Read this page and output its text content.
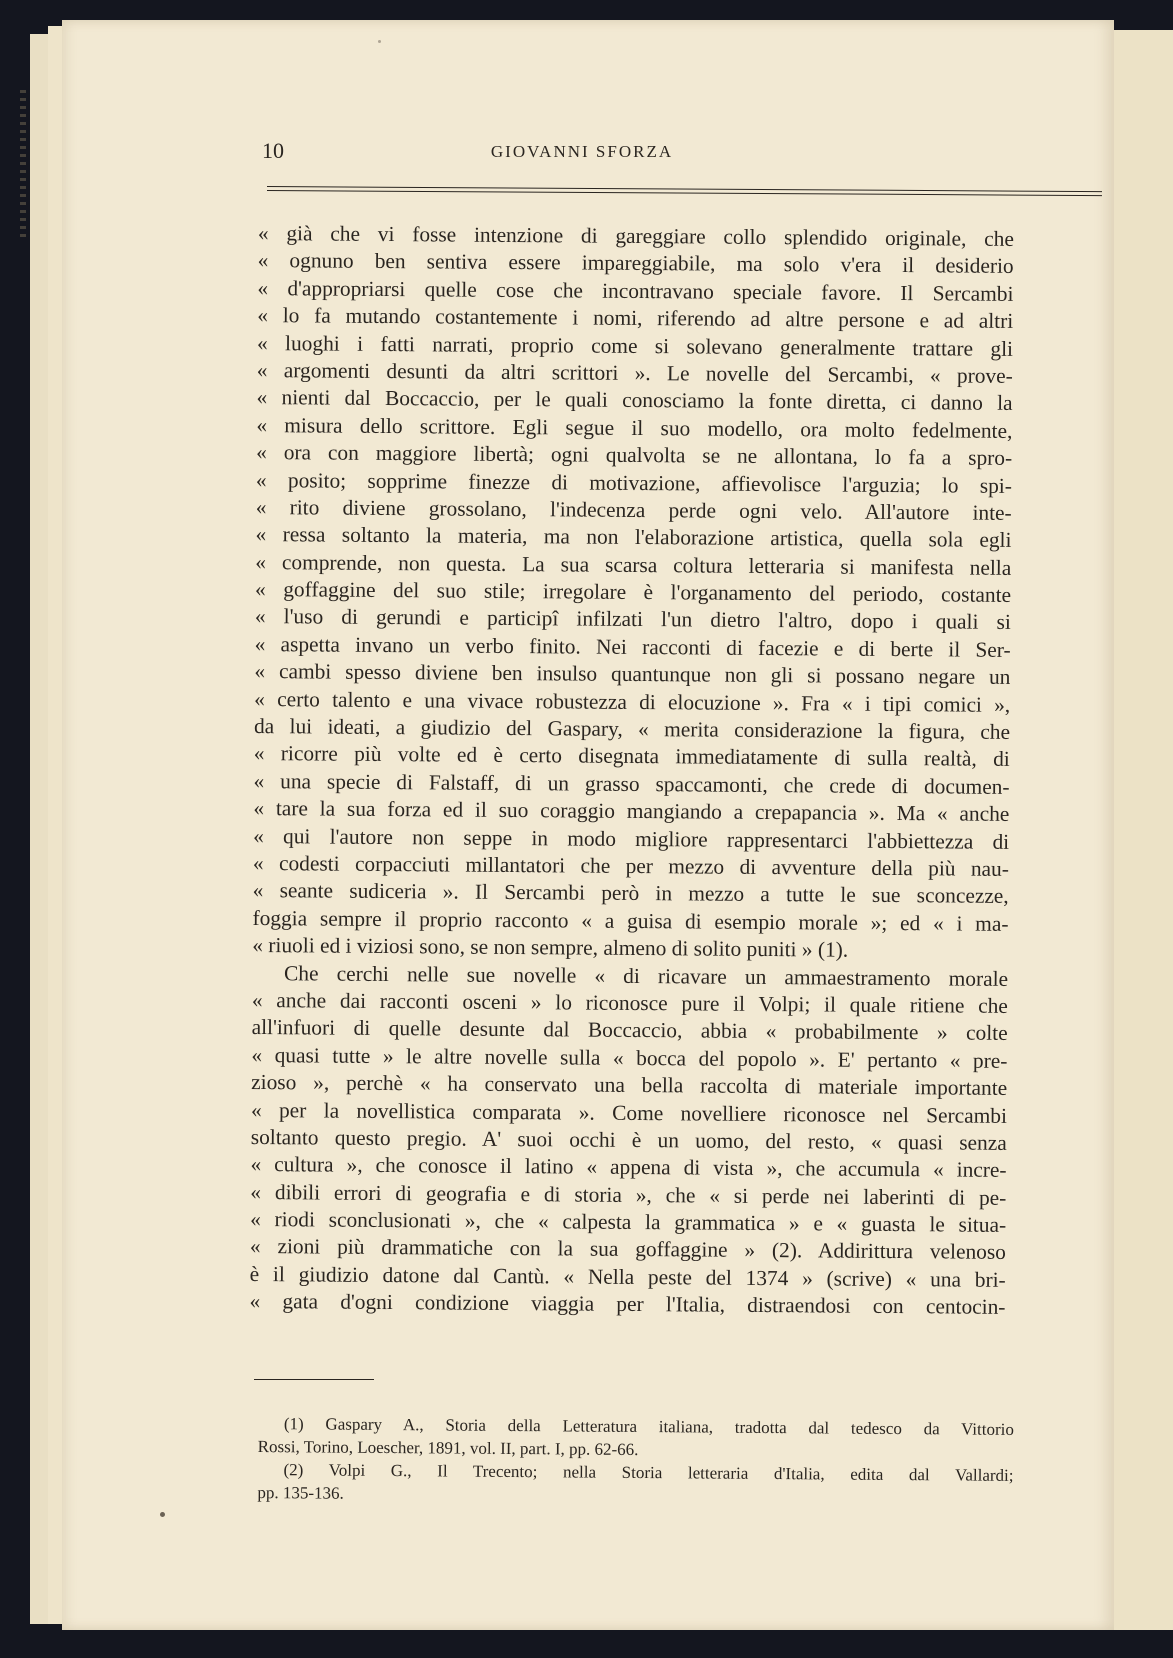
10	GIOVANNI SFORZA
« già che vi fosse intenzione di gareggiare collo splendido originale, che
« ognuno ben sentiva essere impareggiabile, ma solo v'era il desiderio
« d'appropriarsi quelle cose che incontravano speciale favore. Il Sercambi
« lo fa mutando costantemente i nomi, riferendo ad altre persone e ad altri
« luoghi i fatti narrati, proprio come si solevano generalmente trattare gli
« argomenti desunti da altri scrittori ». Le novelle del Sercambi, « prove-
« nienti dal Boccaccio, per le quali conosciamo la fonte diretta, ci danno la
« misura dello scrittore. Egli segue il suo modello, ora molto fedelmente,
« ora con maggiore libertà; ogni qualvolta se ne allontana, lo fa a spro-
« posito; sopprime finezze di motivazione, affievolisce l'arguzia; lo spi-
« rito diviene grossolano, l'indecenza perde ogni velo. All'autore inte-
« ressa soltanto la materia, ma non l'elaborazione artistica, quella sola egli
« comprende, non questa. La sua scarsa coltura letteraria si manifesta nella
« goffaggine del suo stile; irregolare è l'organamento del periodo, costante
« l'uso di gerundi e participî infilzati l'un dietro l'altro, dopo i quali si
« aspetta invano un verbo finito. Nei racconti di facezie e di berte il Ser-
« cambi spesso diviene ben insulso quantunque non gli si possano negare un
« certo talento e una vivace robustezza di elocuzione ». Fra « i tipi comici »,
da lui ideati, a giudizio del Gaspary, « merita considerazione la figura, che
« ricorre più volte ed è certo disegnata immediatamente di sulla realtà, di
« una specie di Falstaff, di un grasso spaccamonti, che crede di documen-
« tare la sua forza ed il suo coraggio mangiando a crepapancia ». Ma « anche
« qui l'autore non seppe in modo migliore rappresentarci l'abbiettezza di
« codesti corpacciuti millantatori che per mezzo di avventure della più nau-
« seante sudiceria ». Il Sercambi però in mezzo a tutte le sue sconcezze,
foggia sempre il proprio racconto « a guisa di esempio morale »; ed « i ma-
« riuoli ed i viziosi sono, se non sempre, almeno di solito puniti » (1).
Che cerchi nelle sue novelle « di ricavare un ammaestramento morale
« anche dai racconti osceni » lo riconosce pure il Volpi; il quale ritiene che
all'infuori di quelle desunte dal Boccaccio, abbia « probabilmente » colte
« quasi tutte » le altre novelle sulla « bocca del popolo ». E' pertanto « pre-
zioso », perchè « ha conservato una bella raccolta di materiale importante
« per la novellistica comparata ». Come novelliere riconosce nel Sercambi
soltanto questo pregio. A' suoi occhi è un uomo, del resto, « quasi senza
« cultura », che conosce il latino « appena di vista », che accumula « incre-
« dibili errori di geografia e di storia », che « si perde nei laberinti di pe-
« riodi sconclusionati », che « calpesta la grammatica » e « guasta le situa-
« zioni più drammatiche con la sua goffaggine » (2). Addirittura velenoso
è il giudizio datone dal Cantù. « Nella peste del 1374 » (scrive) « una bri-
« gata d'ogni condizione viaggia per l'Italia, distraendosi con centocin-
(1) Gaspary A., Storia della Letteratura italiana, tradotta dal tedesco da Vittorio
Rossi, Torino, Loescher, 1891, vol. II, part. I, pp. 62-66.
(2) Volpi G., Il Trecento; nella Storia letteraria d'Italia, edita dal Vallardi;
pp. 135-136.
